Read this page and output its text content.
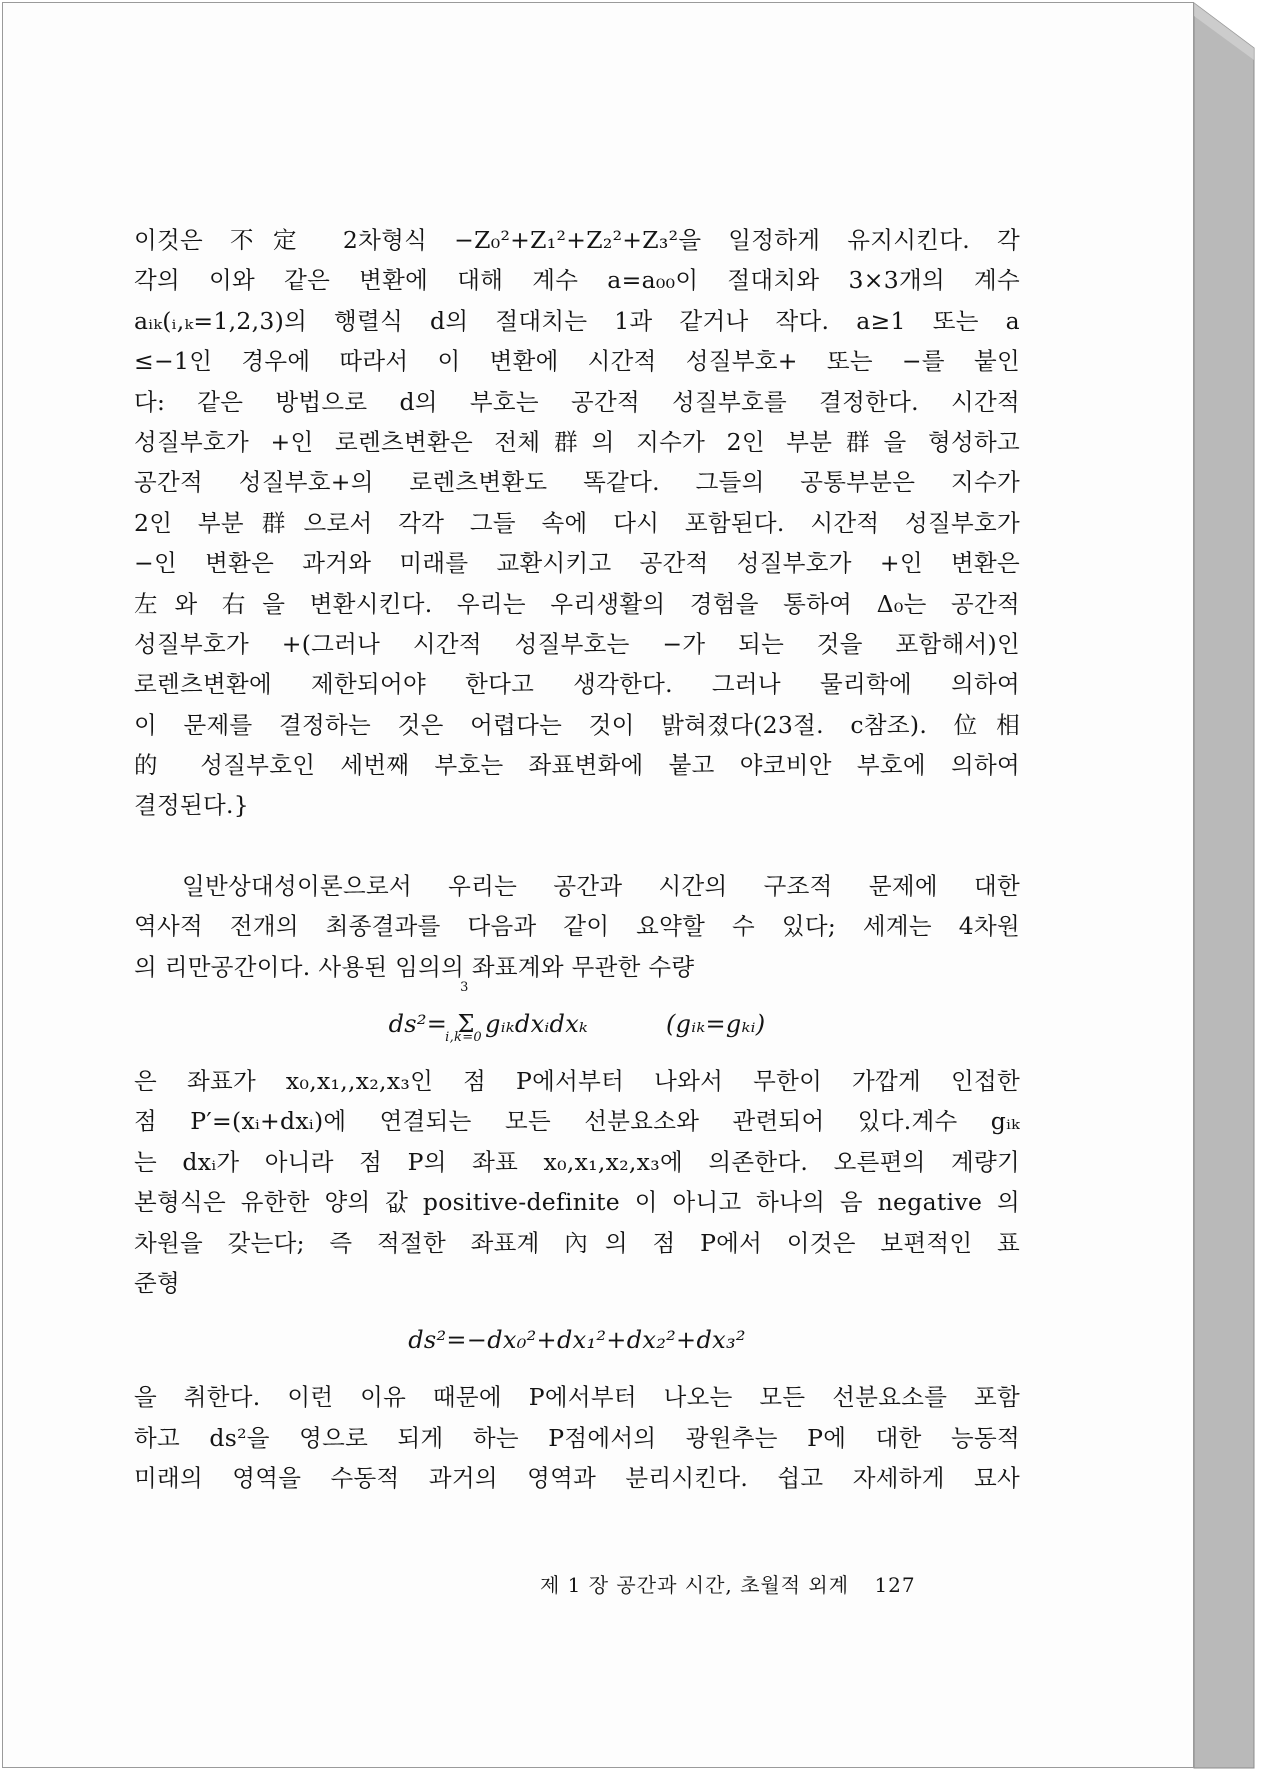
이것은 不定 2차형식 −Z₀²+Z₁²+Z₂²+Z₃²을 일정하게 유지시킨다. 각
각의 이와 같은 변환에 대해 계수 a=a₀₀이 절대치와 3×3개의 계수
aᵢₖ(ᵢ,ₖ=1,2,3)의 행렬식 d의 절대치는 1과 같거나 작다. a≥1 또는 a
≤−1인 경우에 따라서 이 변환에 시간적 성질부호+ 또는 −를 붙인
다: 같은 방법으로 d의 부호는 공간적 성질부호를 결정한다. 시간적
성질부호가 +인 로렌츠변환은 전체群의 지수가 2인 부분群을 형성하고
공간적 성질부호+의 로렌츠변환도 똑같다. 그들의 공통부분은 지수가
2인 부분群으로서 각각 그들 속에 다시 포함된다. 시간적 성질부호가
−인 변환은 과거와 미래를 교환시키고 공간적 성질부호가 +인 변환은
左와 右을 변환시킨다. 우리는 우리생활의 경험을 통하여 Δ₀는 공간적
성질부호가 +(그러나 시간적 성질부호는 −가 되는 것을 포함해서)인
로렌츠변환에 제한되어야 한다고 생각한다. 그러나 물리학에 의하여
이 문제를 결정하는 것은 어렵다는 것이 밝혀졌다(23절. c참조). 位相
的 성질부호인 세번째 부호는 좌표변화에 붙고 야코비안 부호에 의하여
결정된다.}
일반상대성이론으로서 우리는 공간과 시간의 구조적 문제에 대한
역사적 전개의 최종결과를 다음과 같이 요약할 수 있다; 세계는 4차원
의 리만공간이다. 사용된 임의의 좌표계와 무관한 수량
ds²=
3
Σ
i,k=0 gᵢₖdxᵢdxₖ	(gᵢₖ=gₖᵢ)
은 좌표가 x₀,x₁,,x₂,x₃인 점 P에서부터 나와서 무한이 가깝게 인접한
점 P′=(xᵢ+dxᵢ)에 연결되는 모든 선분요소와 관련되어 있다.계수 gᵢₖ
는 dxᵢ가 아니라 점 P의 좌표 x₀,x₁,x₂,x₃에 의존한다. 오른편의 계량기
본형식은 유한한 양의 값 positive-definite 이 아니고 하나의 음 negative 의
차원을 갖는다; 즉 적절한 좌표계 內의 점 P에서 이것은 보편적인 표
준형
ds²=−dx₀²+dx₁²+dx₂²+dx₃²
을 취한다. 이런 이유 때문에 P에서부터 나오는 모든 선분요소를 포함
하고 ds²을 영으로 되게 하는 P점에서의 광원추는 P에 대한 능동적
미래의 영역을 수동적 과거의 영역과 분리시킨다. 쉽고 자세하게 묘사
제 1 장 공간과 시간, 초월적 외계 127
